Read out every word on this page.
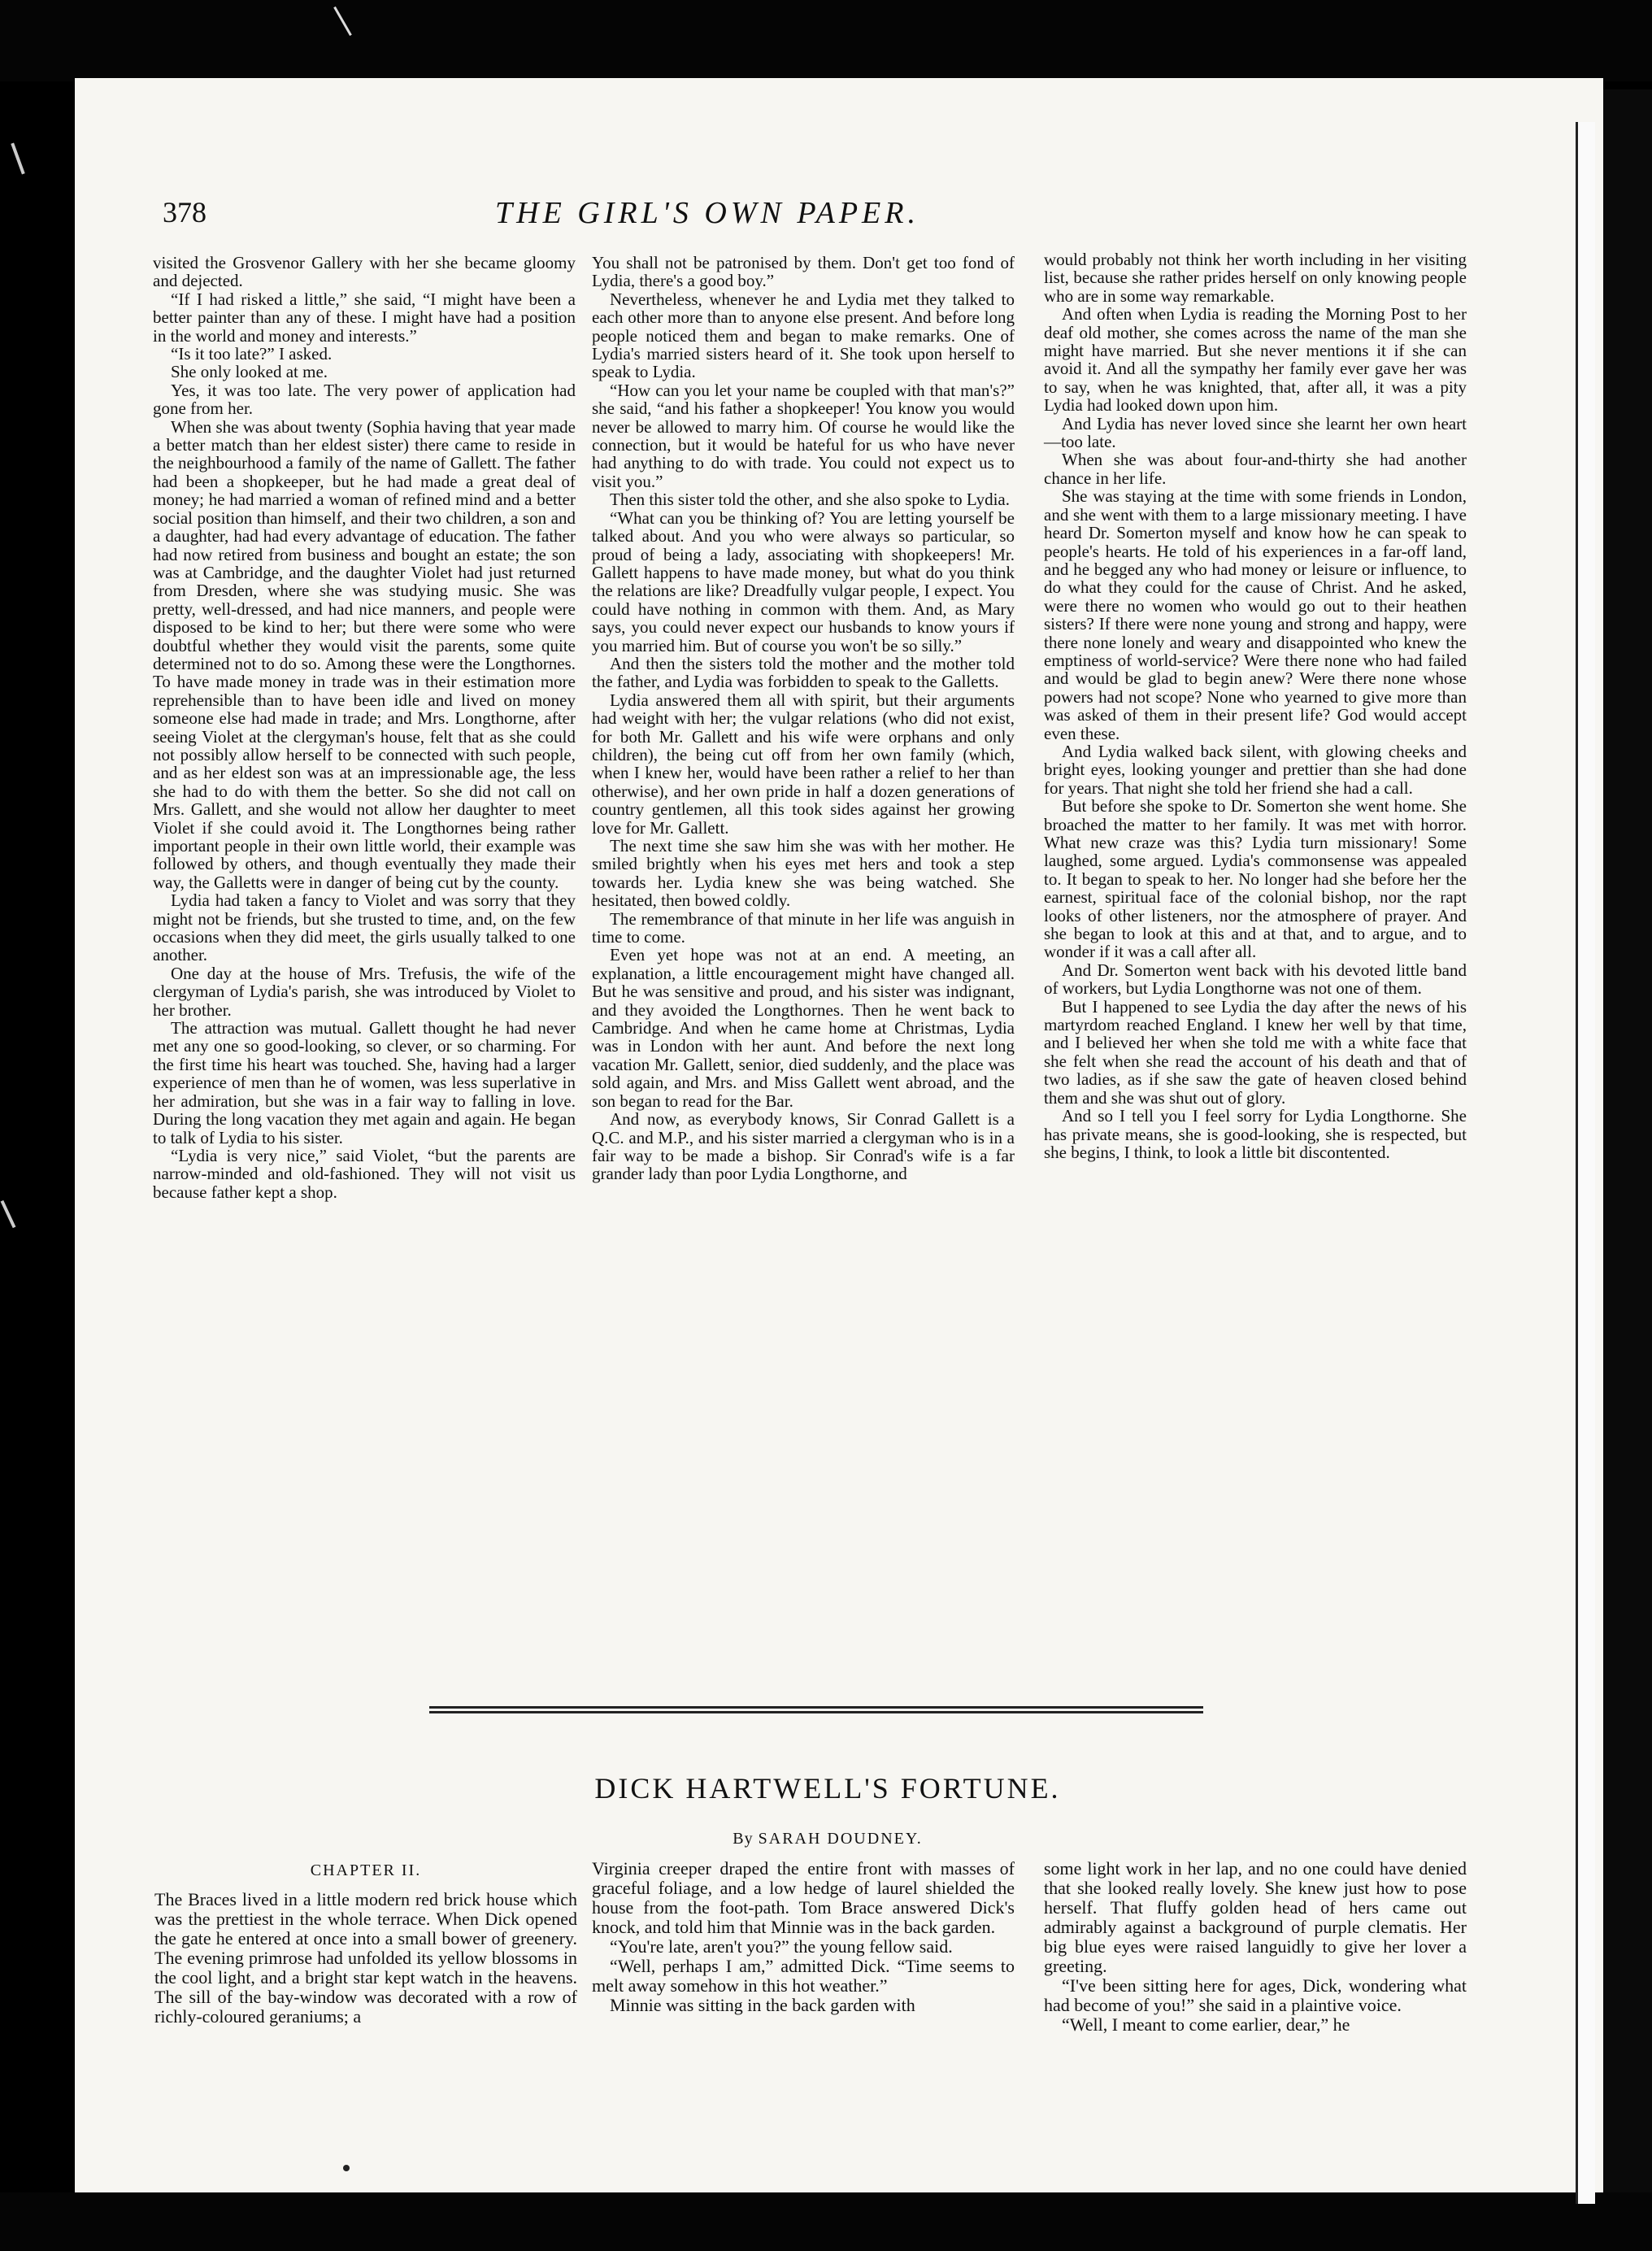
378	THE GIRL'S OWN PAPER.

visited the Grosvenor Gallery with her she became gloomy and dejected.

“If I had risked a little,” she said, “I might have been a better painter than any of these. I might have had a position in the world and money and interests.”

“Is it too late?” I asked.

She only looked at me.

Yes, it was too late. The very power of application had gone from her.

When she was about twenty (Sophia having that year made a better match than her eldest sister) there came to reside in the neighbourhood a family of the name of Gallett. The father had been a shopkeeper, but he had made a great deal of money; he had married a woman of refined mind and a better social position than himself, and their two children, a son and a daughter, had had every advantage of education. The father had now retired from business and bought an estate; the son was at Cambridge, and the daughter Violet had just returned from Dresden, where she was studying music. She was pretty, well-dressed, and had nice manners, and people were disposed to be kind to her; but there were some who were doubtful whether they would visit the parents, some quite determined not to do so. Among these were the Longthornes. To have made money in trade was in their estimation more reprehensible than to have been idle and lived on money someone else had made in trade; and Mrs. Longthorne, after seeing Violet at the clergyman's house, felt that as she could not possibly allow herself to be connected with such people, and as her eldest son was at an impressionable age, the less she had to do with them the better. So she did not call on Mrs. Gallett, and she would not allow her daughter to meet Violet if she could avoid it. The Longthornes being rather important people in their own little world, their example was followed by others, and though eventually they made their way, the Galletts were in danger of being cut by the county.

Lydia had taken a fancy to Violet and was sorry that they might not be friends, but she trusted to time, and, on the few occasions when they did meet, the girls usually talked to one another.

One day at the house of Mrs. Trefusis, the wife of the clergyman of Lydia's parish, she was introduced by Violet to her brother.

The attraction was mutual. Gallett thought he had never met any one so good-looking, so clever, or so charming. For the first time his heart was touched. She, having had a larger experience of men than he of women, was less superlative in her admiration, but she was in a fair way to falling in love. During the long vacation they met again and again. He began to talk of Lydia to his sister.

“Lydia is very nice,” said Violet, “but the parents are narrow-minded and old-fashioned. They will not visit us because father kept a shop.

You shall not be patronised by them. Don't get too fond of Lydia, there's a good boy.”

Nevertheless, whenever he and Lydia met they talked to each other more than to anyone else present. And before long people noticed them and began to make remarks. One of Lydia's married sisters heard of it. She took upon herself to speak to Lydia.

“How can you let your name be coupled with that man's?” she said, “and his father a shopkeeper! You know you would never be allowed to marry him. Of course he would like the connection, but it would be hateful for us who have never had anything to do with trade. You could not expect us to visit you.”

Then this sister told the other, and she also spoke to Lydia.

“What can you be thinking of? You are letting yourself be talked about. And you who were always so particular, so proud of being a lady, associating with shopkeepers! Mr. Gallett happens to have made money, but what do you think the relations are like? Dreadfully vulgar people, I expect. You could have nothing in common with them. And, as Mary says, you could never expect our husbands to know yours if you married him. But of course you won't be so silly.”

And then the sisters told the mother and the mother told the father, and Lydia was forbidden to speak to the Galletts.

Lydia answered them all with spirit, but their arguments had weight with her; the vulgar relations (who did not exist, for both Mr. Gallett and his wife were orphans and only children), the being cut off from her own family (which, when I knew her, would have been rather a relief to her than otherwise), and her own pride in half a dozen generations of country gentlemen, all this took sides against her growing love for Mr. Gallett.

The next time she saw him she was with her mother. He smiled brightly when his eyes met hers and took a step towards her. Lydia knew she was being watched. She hesitated, then bowed coldly.

The remembrance of that minute in her life was anguish in time to come.

Even yet hope was not at an end. A meeting, an explanation, a little encouragement might have changed all. But he was sensitive and proud, and his sister was indignant, and they avoided the Longthornes. Then he went back to Cambridge. And when he came home at Christmas, Lydia was in London with her aunt. And before the next long vacation Mr. Gallett, senior, died suddenly, and the place was sold again, and Mrs. and Miss Gallett went abroad, and the son began to read for the Bar.

And now, as everybody knows, Sir Conrad Gallett is a Q.C. and M.P., and his sister married a clergyman who is in a fair way to be made a bishop. Sir Conrad's wife is a far grander lady than poor Lydia Longthorne, and

would probably not think her worth including in her visiting list, because she rather prides herself on only knowing people who are in some way remarkable.

And often when Lydia is reading the Morning Post to her deaf old mother, she comes across the name of the man she might have married. But she never mentions it if she can avoid it. And all the sympathy her family ever gave her was to say, when he was knighted, that, after all, it was a pity Lydia had looked down upon him.

And Lydia has never loved since she learnt her own heart—too late.

When she was about four-and-thirty she had another chance in her life.

She was staying at the time with some friends in London, and she went with them to a large missionary meeting. I have heard Dr. Somerton myself and know how he can speak to people's hearts. He told of his experiences in a far-off land, and he begged any who had money or leisure or influence, to do what they could for the cause of Christ. And he asked, were there no women who would go out to their heathen sisters? If there were none young and strong and happy, were there none lonely and weary and disappointed who knew the emptiness of world-service? Were there none who had failed and would be glad to begin anew? Were there none whose powers had not scope? None who yearned to give more than was asked of them in their present life? God would accept even these.

And Lydia walked back silent, with glowing cheeks and bright eyes, looking younger and prettier than she had done for years. That night she told her friend she had a call.

But before she spoke to Dr. Somerton she went home. She broached the matter to her family. It was met with horror. What new craze was this? Lydia turn missionary! Some laughed, some argued. Lydia's commonsense was appealed to. It began to speak to her. No longer had she before her the earnest, spiritual face of the colonial bishop, nor the rapt looks of other listeners, nor the atmosphere of prayer. And she began to look at this and at that, and to argue, and to wonder if it was a call after all.

And Dr. Somerton went back with his devoted little band of workers, but Lydia Longthorne was not one of them.

But I happened to see Lydia the day after the news of his martyrdom reached England. I knew her well by that time, and I believed her when she told me with a white face that she felt when she read the account of his death and that of two ladies, as if she saw the gate of heaven closed behind them and she was shut out of glory.

And so I tell you I feel sorry for Lydia Longthorne. She has private means, she is good-looking, she is respected, but she begins, I think, to look a little bit discontented.

DICK HARTWELL'S FORTUNE.
By SARAH DOUDNEY.

CHAPTER II.

The Braces lived in a little modern red brick house which was the prettiest in the whole terrace. When Dick opened the gate he entered at once into a small bower of greenery. The evening primrose had unfolded its yellow blossoms in the cool light, and a bright star kept watch in the heavens. The sill of the bay-window was decorated with a row of richly-coloured geraniums; a

Virginia creeper draped the entire front with masses of graceful foliage, and a low hedge of laurel shielded the house from the foot-path. Tom Brace answered Dick's knock, and told him that Minnie was in the back garden.

“You're late, aren't you?” the young fellow said.

“Well, perhaps I am,” admitted Dick. “Time seems to melt away somehow in this hot weather.”

Minnie was sitting in the back garden with

some light work in her lap, and no one could have denied that she looked really lovely. She knew just how to pose herself. That fluffy golden head of hers came out admirably against a background of purple clematis. Her big blue eyes were raised languidly to give her lover a greeting.

“I've been sitting here for ages, Dick, wondering what had become of you!” she said in a plaintive voice.

“Well, I meant to come earlier, dear,” he
